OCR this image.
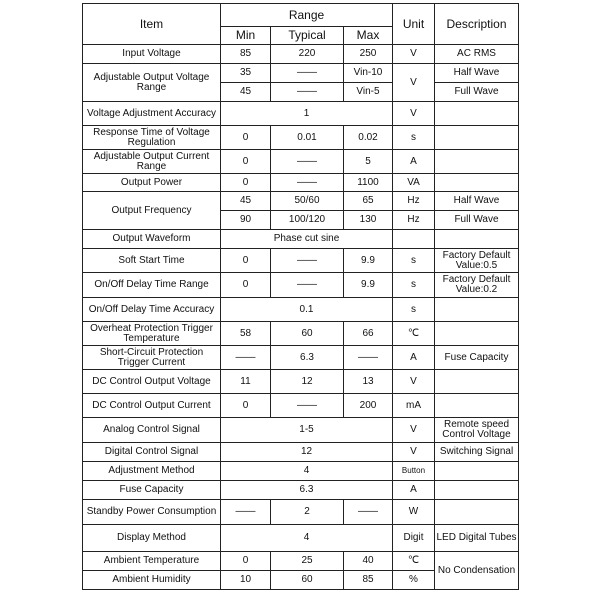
Item	Range			Unit	Description
	Min	Typical	Max		
Input Voltage	85	220	250	V	AC RMS
Adjustable Output Voltage Range	35	——	Vin-10	V	Half Wave
	45	——	Vin-5		Full Wave
Voltage Adjustment Accuracy	1			V	
Response Time of Voltage Regulation	0	0.01	0.02	s	
Adjustable Output Current Range	0	——	5	A	
Output Power	0	——	1100	VA	
Output Frequency	45	50/60	65	Hz	Half Wave
	90	100/120	130	Hz	Full Wave
Output Waveform	Phase cut sine				
Soft Start Time	0	——	9.9	s	Factory Default Value:0.5
On/Off Delay Time Range	0	——	9.9	s	Factory Default Value:0.2
On/Off Delay Time Accuracy	0.1			s	
Overheat Protection Trigger Temperature	58	60	66	℃	
Short-Circuit Protection Trigger Current	——	6.3	——	A	Fuse Capacity
DC Control Output Voltage	11	12	13	V	
DC Control Output Current	0	——	200	mA	
Analog Control Signal	1-5			V	Remote speed Control Voltage
Digital Control Signal	12			V	Switching Signal
Adjustment Method	4			Button	
Fuse Capacity	6.3			A	
Standby Power Consumption	——	2	——	W	
Display Method	4			Digit	LED Digital Tubes
Ambient Temperature	0	25	40	℃	No Condensation
Ambient Humidity	10	60	85	%	
